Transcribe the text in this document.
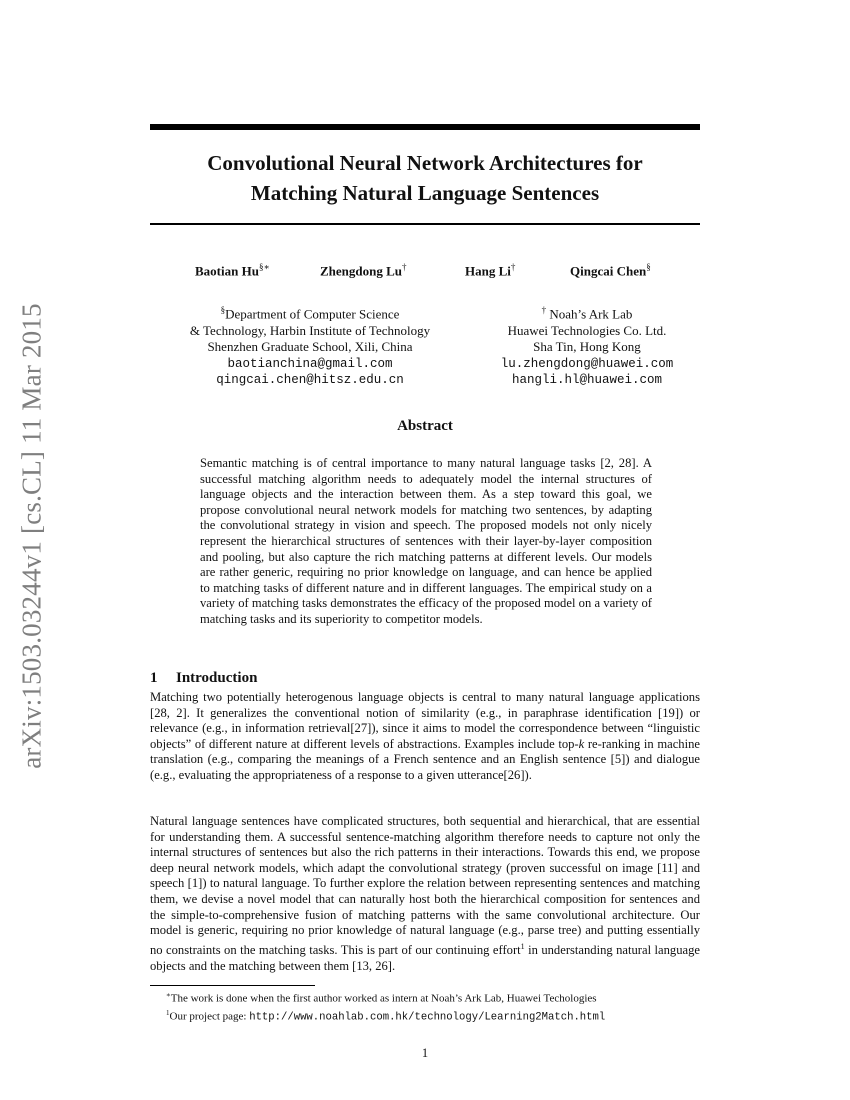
arXiv:1503.03244v1 [cs.CL] 11 Mar 2015
Convolutional Neural Network Architectures for
Matching Natural Language Sentences
Baotian Hu§∗	Zhengdong Lu†	Hang Li†	Qingcai Chen§
§Department of Computer Science
& Technology, Harbin Institute of Technology
Shenzhen Graduate School, Xili, China
baotianchina@gmail.com
qingcai.chen@hitsz.edu.cn
† Noah’s Ark Lab
Huawei Technologies Co. Ltd.
Sha Tin, Hong Kong
lu.zhengdong@huawei.com
hangli.hl@huawei.com
Abstract
Semantic matching is of central importance to many natural language tasks [2, 28]. A successful matching algorithm needs to adequately model the internal structures of language objects and the interaction between them. As a step toward this goal, we propose convolutional neural network models for matching two sentences, by adapting the convolutional strategy in vision and speech. The proposed models not only nicely represent the hierarchical structures of sentences with their layer-by-layer composition and pooling, but also capture the rich matching patterns at different levels. Our models are rather generic, requiring no prior knowledge on language, and can hence be applied to matching tasks of different nature and in different languages. The empirical study on a variety of matching tasks demonstrates the efficacy of the proposed model on a variety of matching tasks and its superiority to competitor models.
1 Introduction
Matching two potentially heterogenous language objects is central to many natural language applications [28, 2]. It generalizes the conventional notion of similarity (e.g., in paraphrase identification [19]) or relevance (e.g., in information retrieval[27]), since it aims to model the correspondence between “linguistic objects” of different nature at different levels of abstractions. Examples include top-k re-ranking in machine translation (e.g., comparing the meanings of a French sentence and an English sentence [5]) and dialogue (e.g., evaluating the appropriateness of a response to a given utterance[26]).
Natural language sentences have complicated structures, both sequential and hierarchical, that are essential for understanding them. A successful sentence-matching algorithm therefore needs to capture not only the internal structures of sentences but also the rich patterns in their interactions. Towards this end, we propose deep neural network models, which adapt the convolutional strategy (proven successful on image [11] and speech [1]) to natural language. To further explore the relation between representing sentences and matching them, we devise a novel model that can naturally host both the hierarchical composition for sentences and the simple-to-comprehensive fusion of matching patterns with the same convolutional architecture. Our model is generic, requiring no prior knowledge of natural language (e.g., parse tree) and putting essentially no constraints on the matching tasks. This is part of our continuing effort$^1$ in understanding natural language objects and the matching between them [13, 26].
∗The work is done when the first author worked as intern at Noah’s Ark Lab, Huawei Techologies
$^1$Our project page: http://www.noahlab.com.hk/technology/Learning2Match.html
1
